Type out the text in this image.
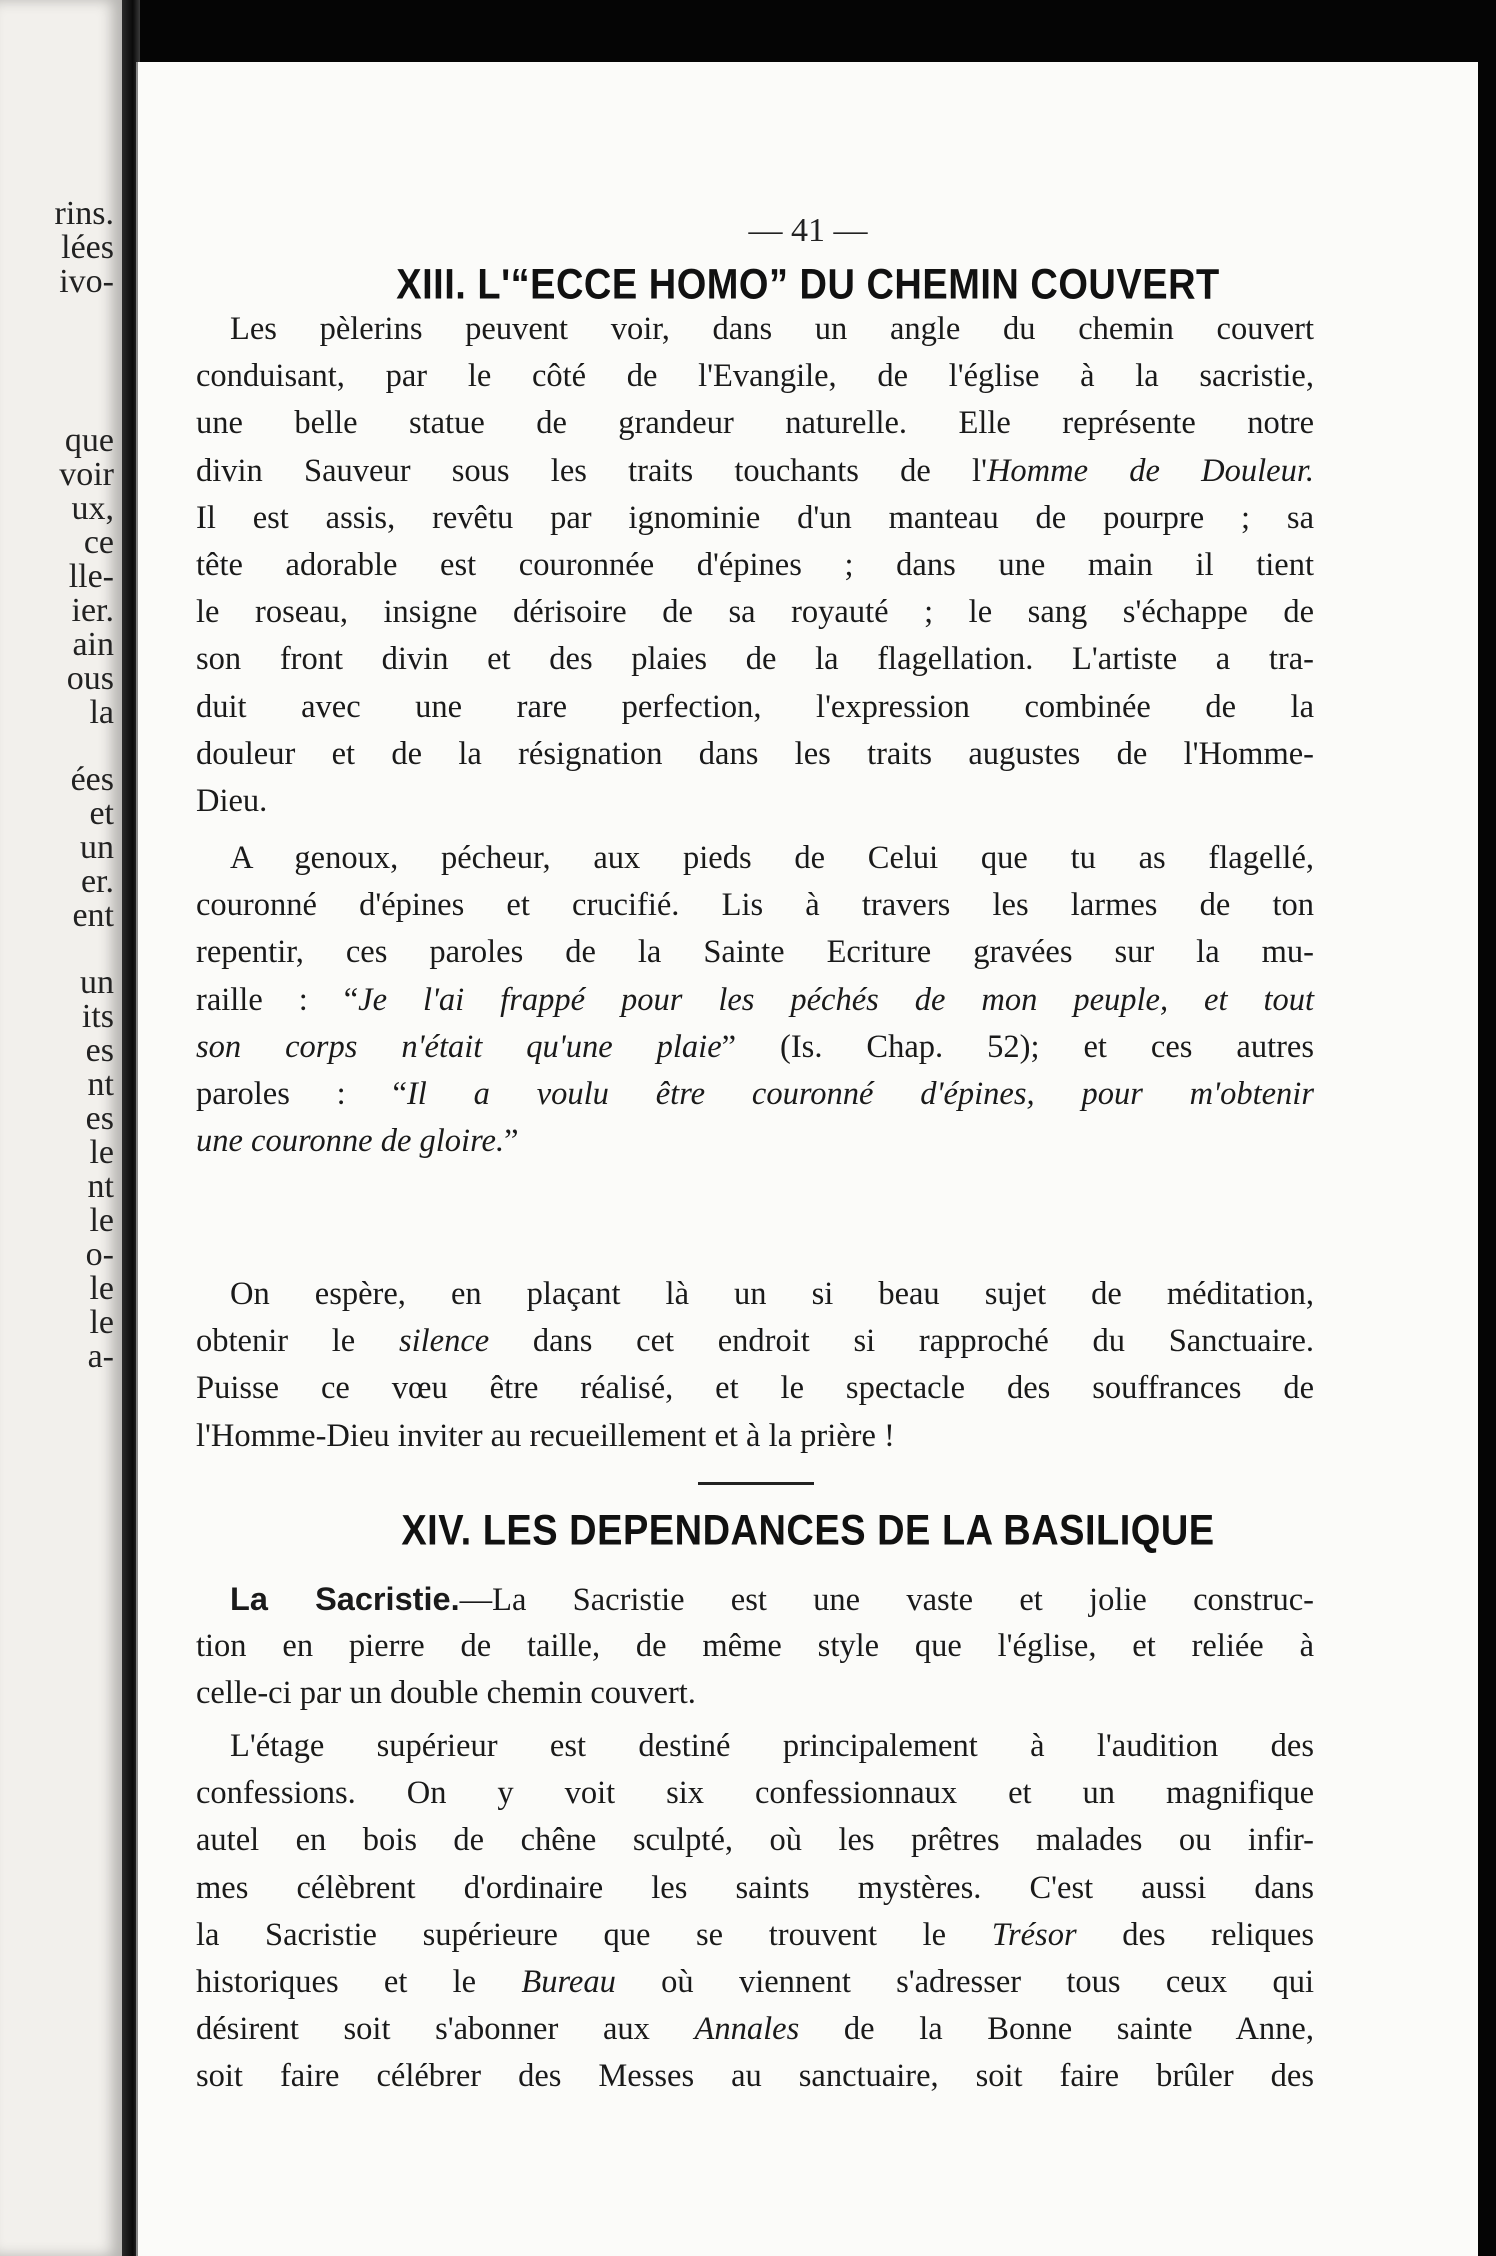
rins.
lées
ivo-
que
voir
ux,
ce
lle-
ier.
ain
ous
la
ées
et
un
er.
ent
un
its
es
nt
es
le
nt
le
o-
le
le
a-
— 41 —
XIII. L'“ECCE HOMO” DU CHEMIN COUVERT
XIV. LES DEPENDANCES DE LA BASILIQUE
Les pèlerins peuvent voir, dans un angle du chemin couvert
conduisant, par le côté de l'Evangile, de l'église à la sacristie,
une belle statue de grandeur naturelle. Elle représente notre
divin Sauveur sous les traits touchants de l'Homme de Douleur.
Il est assis, revêtu par ignominie d'un manteau de pourpre ; sa
tête adorable est couronnée d'épines ; dans une main il tient
le roseau, insigne dérisoire de sa royauté ; le sang s'échappe de
son front divin et des plaies de la flagellation. L'artiste a tra-
duit avec une rare perfection, l'expression combinée de la
douleur et de la résignation dans les traits augustes de l'Homme-
Dieu.
A genoux, pécheur, aux pieds de Celui que tu as flagellé,
couronné d'épines et crucifié. Lis à travers les larmes de ton
repentir, ces paroles de la Sainte Ecriture gravées sur la mu-
raille : “Je l'ai frappé pour les péchés de mon peuple, et tout
son corps n'était qu'une plaie” (Is. Chap. 52); et ces autres
paroles : “Il a voulu être couronné d'épines, pour m'obtenir
une couronne de gloire.”
On espère, en plaçant là un si beau sujet de méditation,
obtenir le silence dans cet endroit si rapproché du Sanctuaire.
Puisse ce vœu être réalisé, et le spectacle des souffrances de
l'Homme-Dieu inviter au recueillement et à la prière !
La Sacristie.—La Sacristie est une vaste et jolie construc-
tion en pierre de taille, de même style que l'église, et reliée à
celle-ci par un double chemin couvert.
L'étage supérieur est destiné principalement à l'audition des
confessions. On y voit six confessionnaux et un magnifique
autel en bois de chêne sculpté, où les prêtres malades ou infir-
mes célèbrent d'ordinaire les saints mystères. C'est aussi dans
la Sacristie supérieure que se trouvent le Trésor des reliques
historiques et le Bureau où viennent s'adresser tous ceux qui
désirent soit s'abonner aux Annales de la Bonne sainte Anne,
soit faire célébrer des Messes au sanctuaire, soit faire brûler des
